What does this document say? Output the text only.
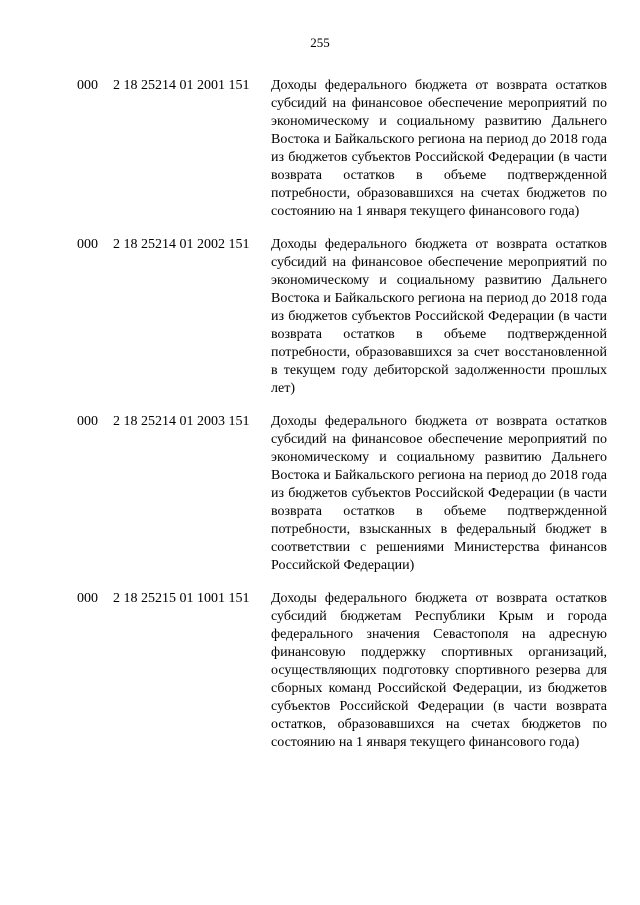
255
000 2 18 25214 01 2001 151 Доходы федерального бюджета от возврата остатков субсидий на финансовое обеспечение мероприятий по экономическому и социальному развитию Дальнего Востока и Байкальского региона на период до 2018 года из бюджетов субъектов Российской Федерации (в части возврата остатков в объеме подтвержденной потребности, образовавшихся на счетах бюджетов по состоянию на 1 января текущего финансового года)
000 2 18 25214 01 2002 151 Доходы федерального бюджета от возврата остатков субсидий на финансовое обеспечение мероприятий по экономическому и социальному развитию Дальнего Востока и Байкальского региона на период до 2018 года из бюджетов субъектов Российской Федерации (в части возврата остатков в объеме подтвержденной потребности, образовавшихся за счет восстановленной в текущем году дебиторской задолженности прошлых лет)
000 2 18 25214 01 2003 151 Доходы федерального бюджета от возврата остатков субсидий на финансовое обеспечение мероприятий по экономическому и социальному развитию Дальнего Востока и Байкальского региона на период до 2018 года из бюджетов субъектов Российской Федерации (в части возврата остатков в объеме подтвержденной потребности, взысканных в федеральный бюджет в соответствии с решениями Министерства финансов Российской Федерации)
000 2 18 25215 01 1001 151 Доходы федерального бюджета от возврата остатков субсидий бюджетам Республики Крым и города федерального значения Севастополя на адресную финансовую поддержку спортивных организаций, осуществляющих подготовку спортивного резерва для сборных команд Российской Федерации, из бюджетов субъектов Российской Федерации (в части возврата остатков, образовавшихся на счетах бюджетов по состоянию на 1 января текущего финансового года)
